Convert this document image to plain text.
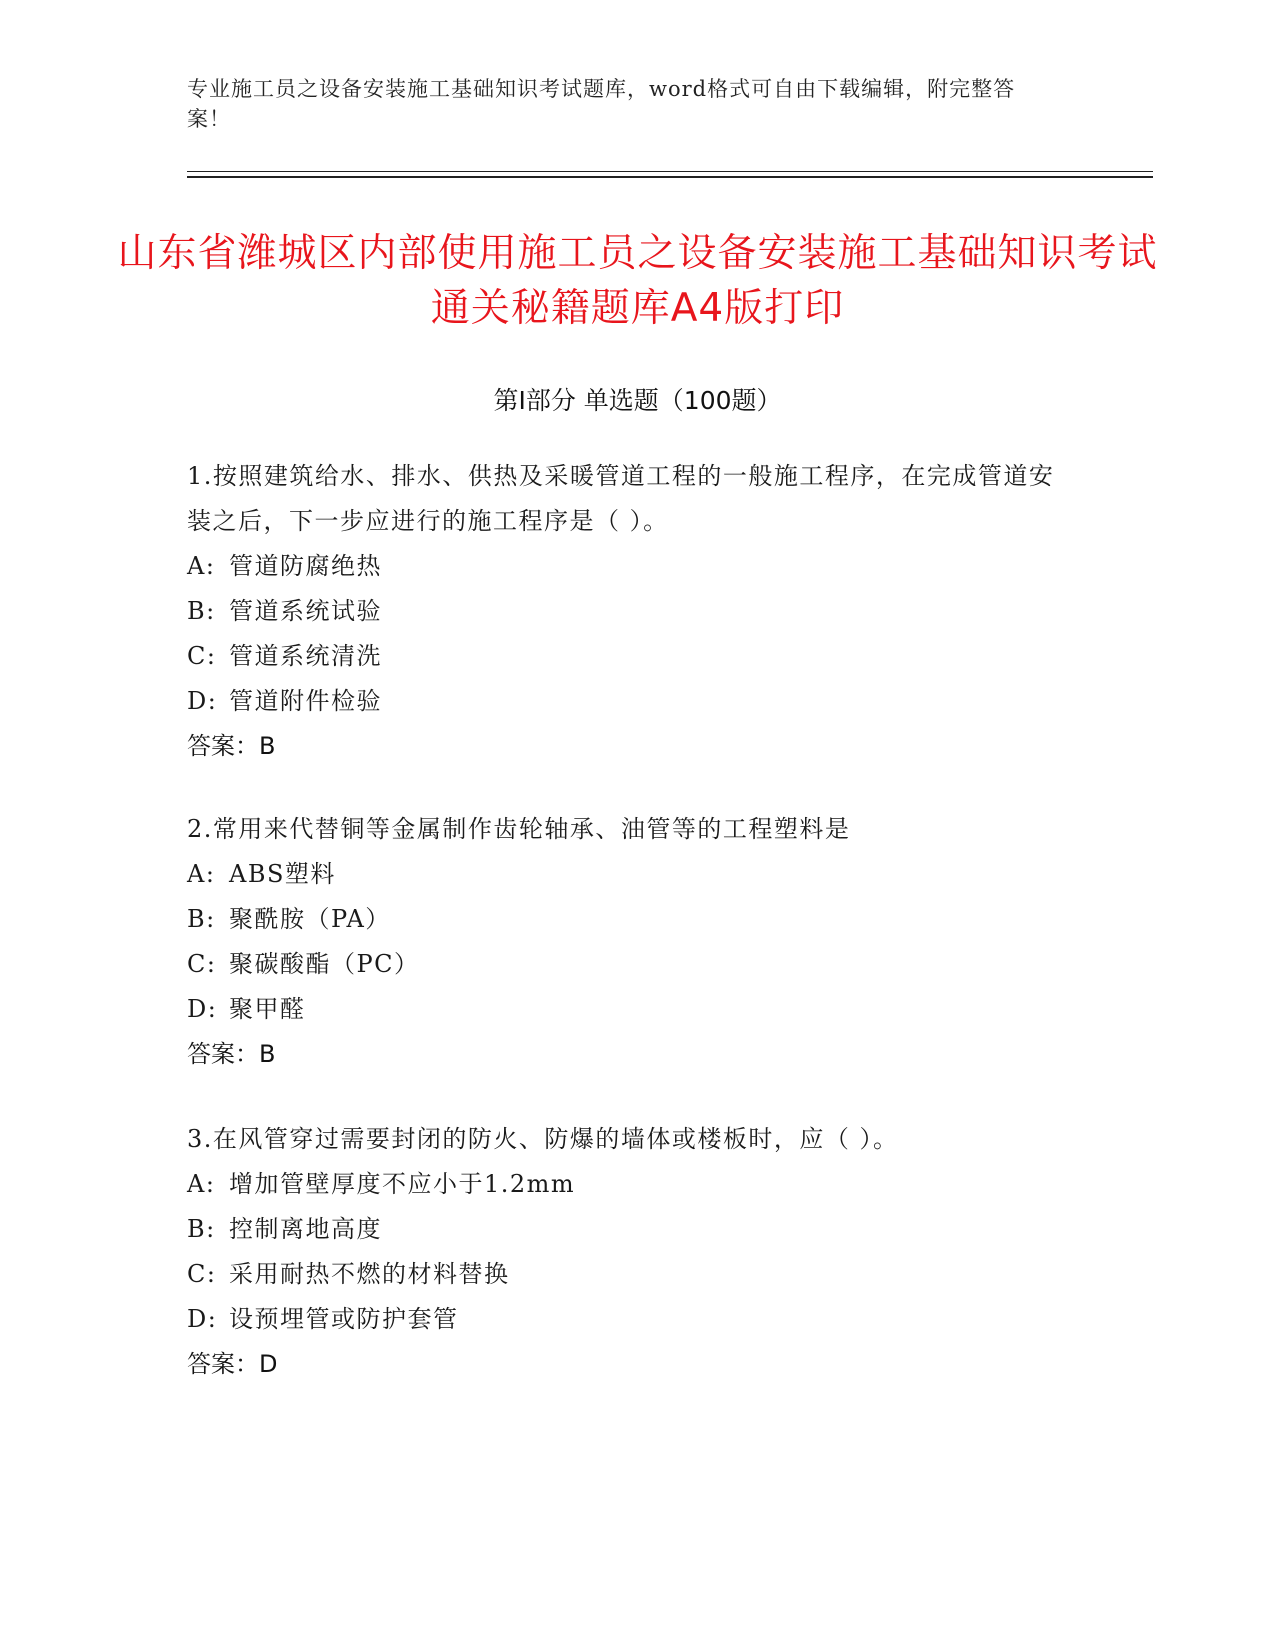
专业施工员之设备安装施工基础知识考试题库，word格式可自由下载编辑，附完整答案！
山东省潍城区内部使用施工员之设备安装施工基础知识考试通关秘籍题库A4版打印
第Ⅰ部分 单选题（100题）

1.按照建筑给水、排水、供热及采暖管道工程的一般施工程序，在完成管道安装之后，下一步应进行的施工程序是（ ）。

A: 管道防腐绝热

B: 管道系统试验

C: 管道系统清洗

D: 管道附件检验

答案：B

2.常用来代替铜等金属制作齿轮轴承、油管等的工程塑料是

A: ABS塑料

B: 聚酰胺（PA）

C: 聚碳酸酯（PC）

D: 聚甲醛

答案：B

3.在风管穿过需要封闭的防火、防爆的墙体或楼板时，应（ ）。

A: 增加管壁厚度不应小于1.2mm

B: 控制离地高度

C: 采用耐热不燃的材料替换

D: 设预埋管或防护套管

答案：D
